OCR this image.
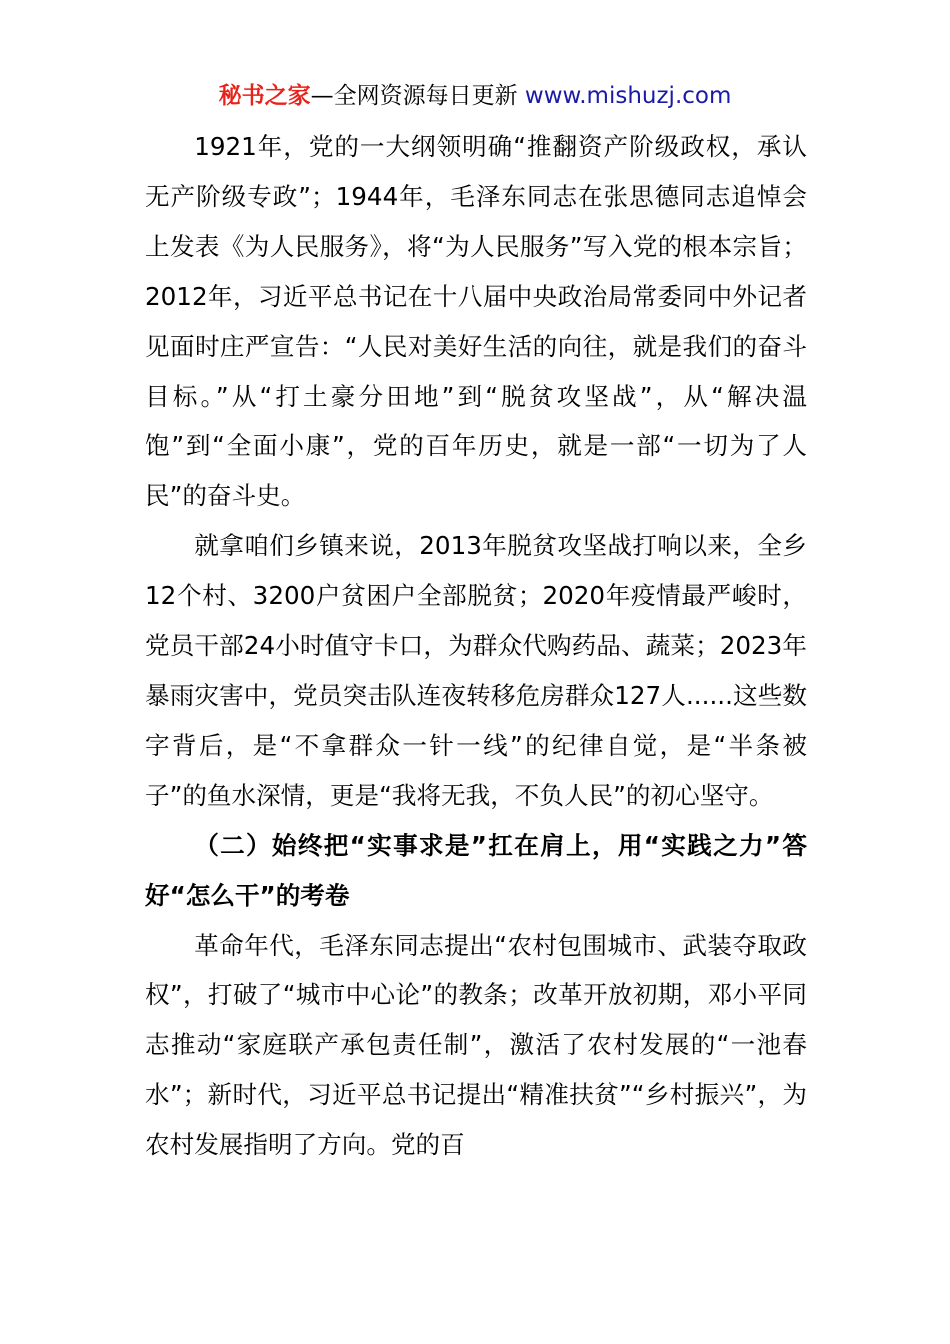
秘书之家—全网资源每日更新 www.mishuzj.com

1921年，党的一大纲领明确“推翻资产阶级政权，承认无产阶级专政”；1944年，毛泽东同志在张思德同志追悼会上发表《为人民服务》，将“为人民服务”写入党的根本宗旨；2012年，习近平总书记在十八届中央政治局常委同中外记者见面时庄严宣告：“人民对美好生活的向往，就是我们的奋斗目标。”从“打土豪分田地”到“脱贫攻坚战”，从“解决温饱”到“全面小康”，党的百年历史，就是一部“一切为了人民”的奋斗史。

就拿咱们乡镇来说，2013年脱贫攻坚战打响以来，全乡12个村、3200户贫困户全部脱贫；2020年疫情最严峻时，党员干部24小时值守卡口，为群众代购药品、蔬菜；2023年暴雨灾害中，党员突击队连夜转移危房群众127人......这些数字背后，是“不拿群众一针一线”的纪律自觉，是“半条被子”的鱼水深情，更是“我将无我，不负人民”的初心坚守。

（二）始终把“实事求是”扛在肩上，用“实践之力”答好“怎么干”的考卷

革命年代，毛泽东同志提出“农村包围城市、武装夺取政权”，打破了“城市中心论”的教条；改革开放初期，邓小平同志推动“家庭联产承包责任制”，激活了农村发展的“一池春水”；新时代，习近平总书记提出“精准扶贫”“乡村振兴”，为农村发展指明了方向。党的百
